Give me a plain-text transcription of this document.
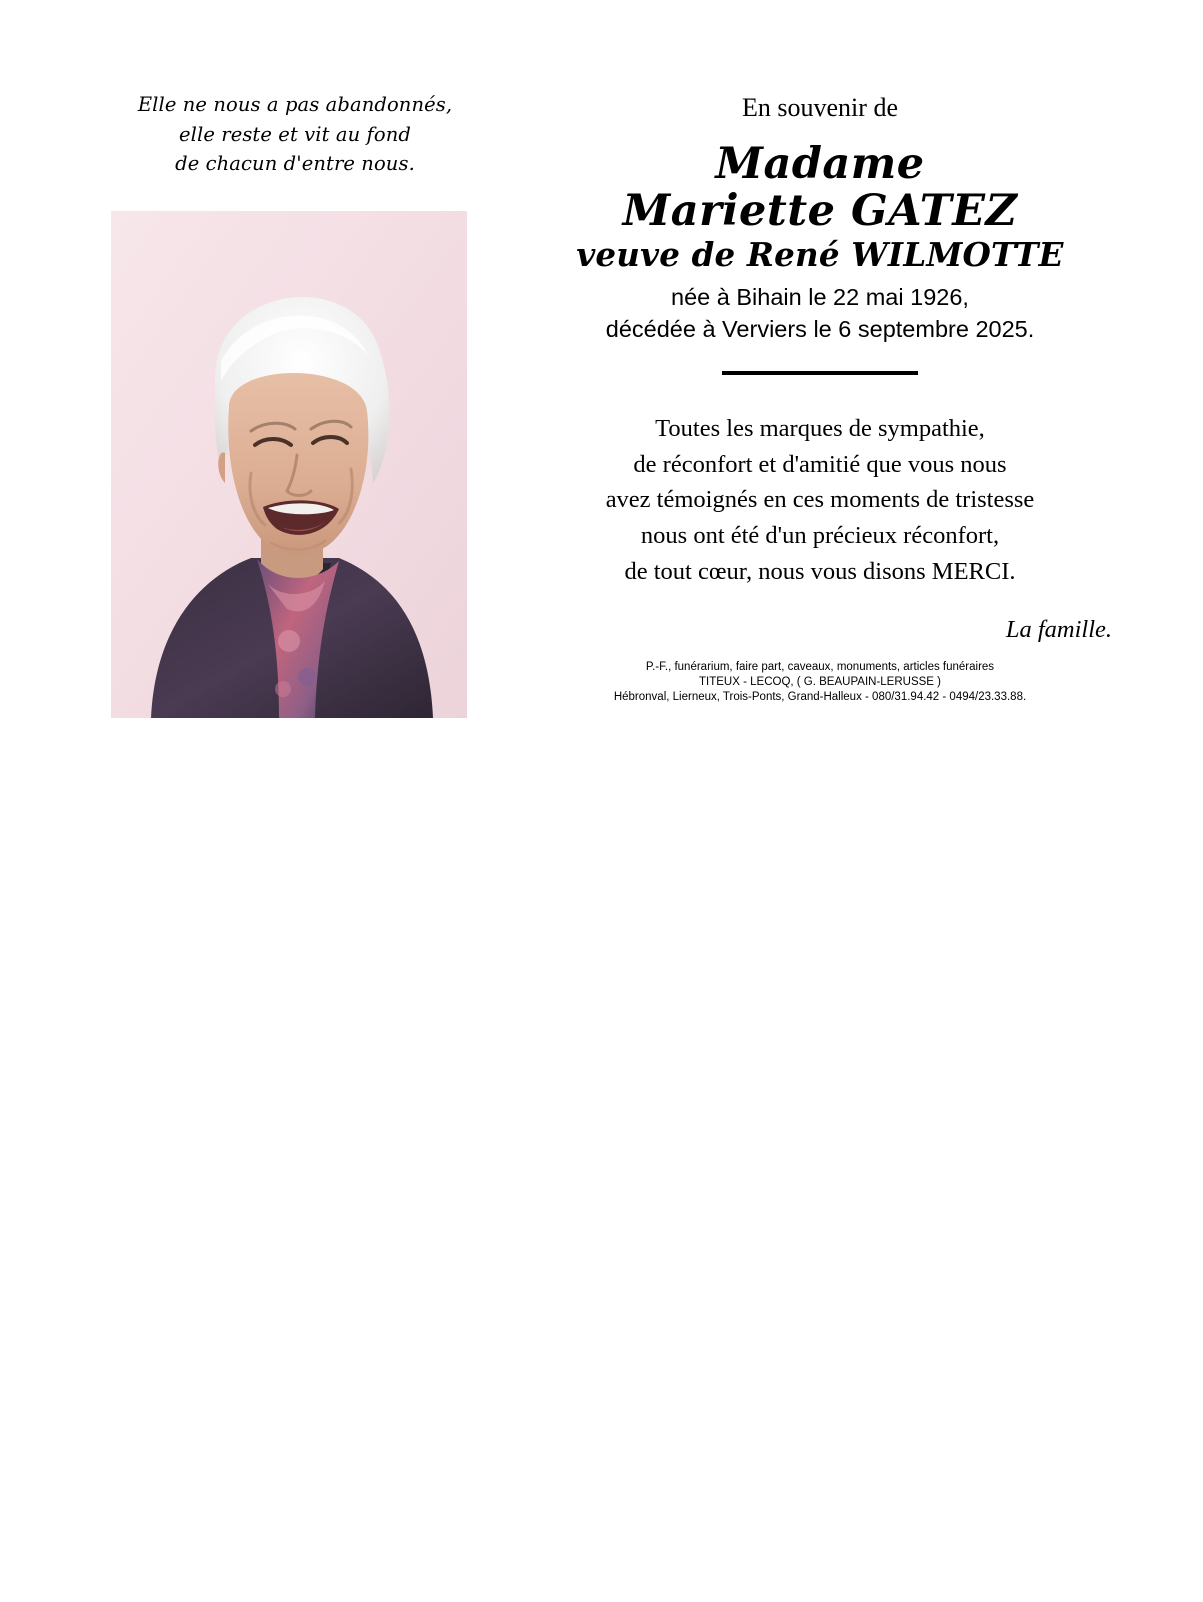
Elle ne nous a pas abandonnés,
elle reste et vit au fond
de chacun d'entre nous.
En souvenir de
Madame
Mariette GATEZ
veuve de René WILMOTTE
née à Bihain le 22 mai 1926,
décédée à Verviers le 6 septembre 2025.
Toutes les marques de sympathie,
de réconfort et d'amitié que vous nous
avez témoignés en ces moments de tristesse
nous ont été d'un précieux réconfort,
de tout cœur, nous vous disons MERCI.
La famille.
P.-F., funérarium, faire part, caveaux, monuments, articles funéraires
TITEUX - LECOQ, ( G. BEAUPAIN-LERUSSE )
Hébronval, Lierneux, Trois-Ponts, Grand-Halleux - 080/31.94.42 - 0494/23.33.88.
